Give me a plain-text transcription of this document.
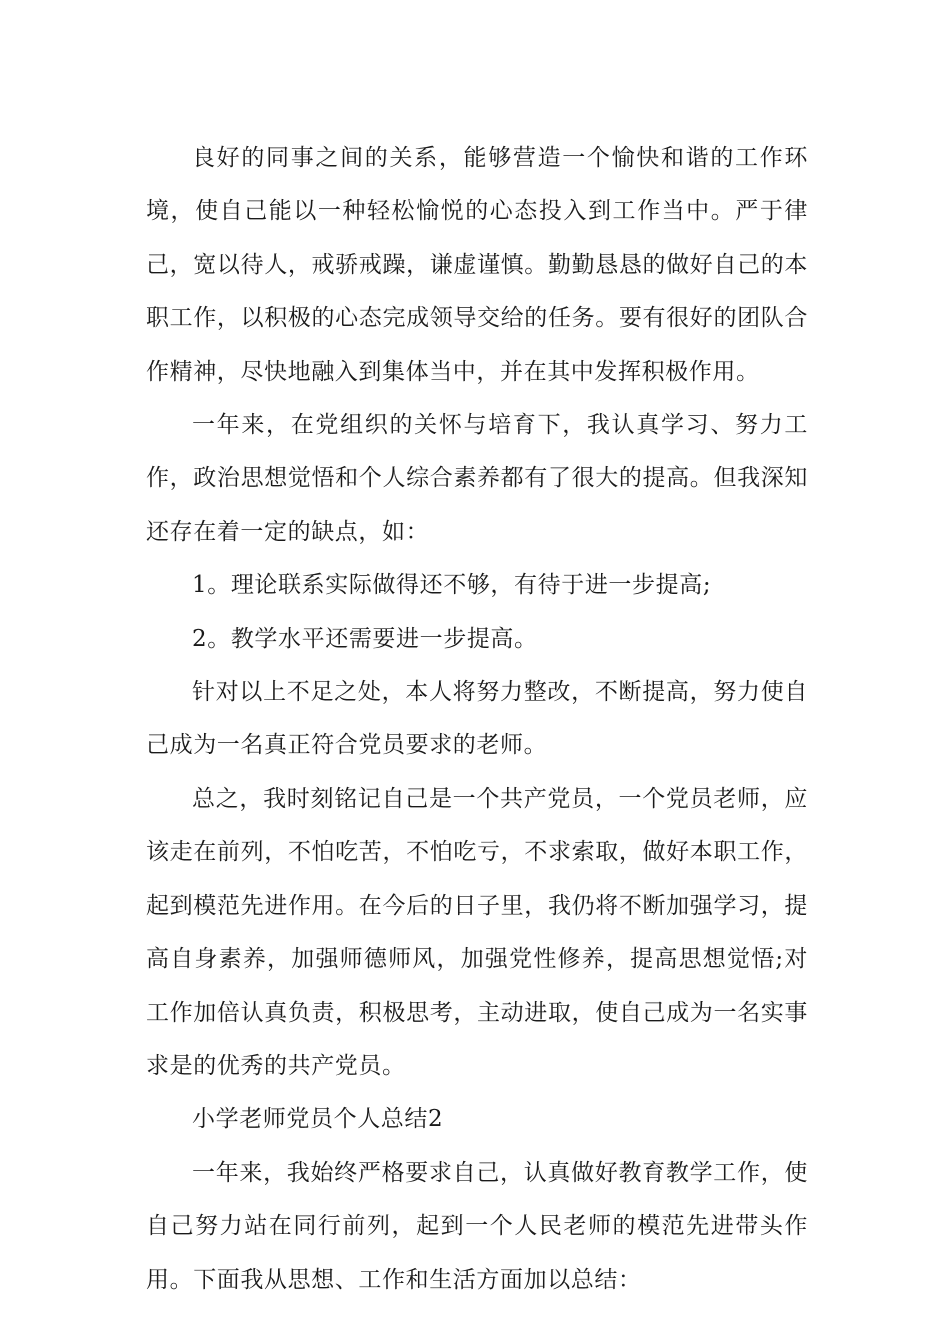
良好的同事之间的关系，能够营造一个愉快和谐的工作环境，使自己能以一种轻松愉悦的心态投入到工作当中。严于律己，宽以待人，戒骄戒躁，谦虚谨慎。勤勤恳恳的做好自己的本职工作，以积极的心态完成领导交给的任务。要有很好的团队合作精神，尽快地融入到集体当中，并在其中发挥积极作用。

一年来，在党组织的关怀与培育下，我认真学习、努力工作，政治思想觉悟和个人综合素养都有了很大的提高。但我深知还存在着一定的缺点，如：

1。理论联系实际做得还不够，有待于进一步提高;

2。教学水平还需要进一步提高。

针对以上不足之处，本人将努力整改，不断提高，努力使自己成为一名真正符合党员要求的老师。

总之，我时刻铭记自己是一个共产党员，一个党员老师，应该走在前列，不怕吃苦，不怕吃亏，不求索取，做好本职工作，起到模范先进作用。在今后的日子里，我仍将不断加强学习，提高自身素养，加强师德师风，加强党性修养，提高思想觉悟;对工作加倍认真负责，积极思考，主动进取，使自己成为一名实事求是的优秀的共产党员。

小学老师党员个人总结2

一年来，我始终严格要求自己，认真做好教育教学工作，使自己努力站在同行前列，起到一个人民老师的模范先进带头作用。下面我从思想、工作和生活方面加以总结：
